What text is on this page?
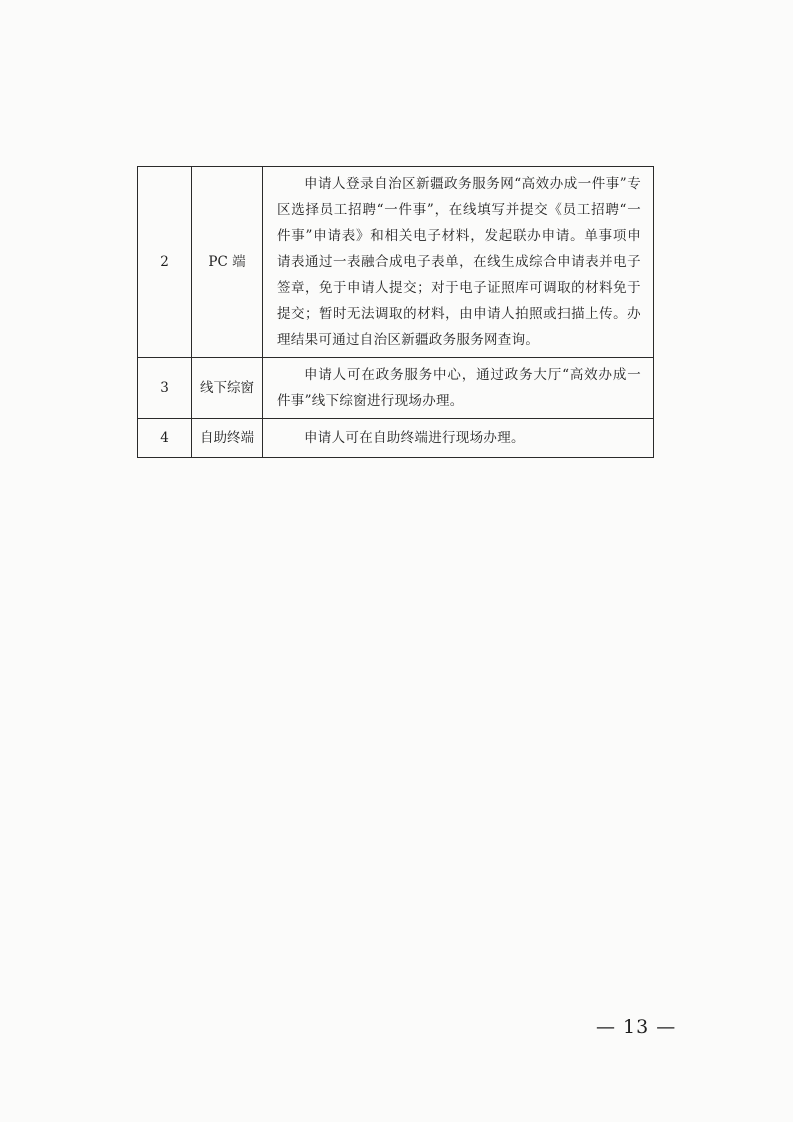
2	PC 端	申请人登录自治区新疆政务服务网“高效办成一件事”专区选择员工招聘“一件事”，在线填写并提交《员工招聘“一件事”申请表》和相关电子材料，发起联办申请。单事项申请表通过一表融合成电子表单，在线生成综合申请表并电子签章，免于申请人提交；对于电子证照库可调取的材料免于提交；暂时无法调取的材料，由申请人拍照或扫描上传。办理结果可通过自治区新疆政务服务网查询。
3	线下综窗	申请人可在政务服务中心，通过政务大厅“高效办成一件事”线下综窗进行现场办理。
4	自助终端	申请人可在自助终端进行现场办理。
— 13 —
